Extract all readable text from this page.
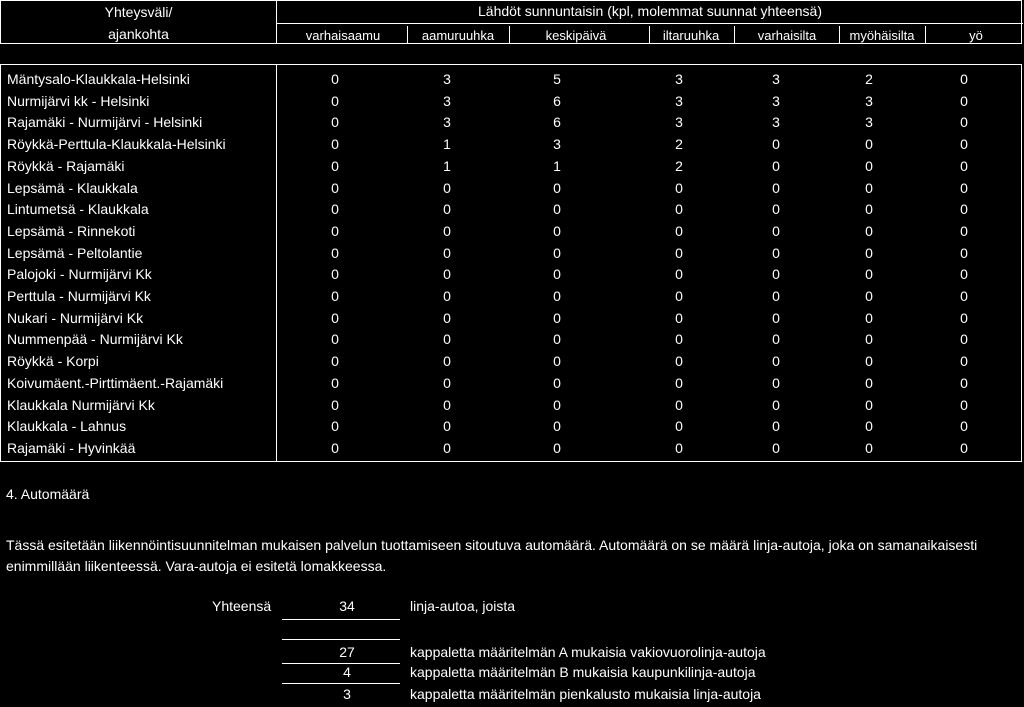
Yhteysväli/
ajankohta
Lähdöt sunnuntaisin (kpl, molemmat suunnat yhteensä)
varhaisaamu	aamuruuhka	keskipäivä	iltaruuhka	varhaisilta	myöhäisilta	yö
Mäntysalo-Klaukkala-Helsinki	0	3	5	3	3	2	0
Nurmijärvi kk - Helsinki	0	3	6	3	3	3	0
Rajamäki - Nurmijärvi - Helsinki	0	3	6	3	3	3	0
Röykkä-Perttula-Klaukkala-Helsinki	0	1	3	2	0	0	0
Röykkä - Rajamäki	0	1	1	2	0	0	0
Lepsämä - Klaukkala	0	0	0	0	0	0	0
Lintumetsä - Klaukkala	0	0	0	0	0	0	0
Lepsämä - Rinnekoti	0	0	0	0	0	0	0
Lepsämä - Peltolantie	0	0	0	0	0	0	0
Palojoki - Nurmijärvi Kk	0	0	0	0	0	0	0
Perttula - Nurmijärvi Kk	0	0	0	0	0	0	0
Nukari - Nurmijärvi Kk	0	0	0	0	0	0	0
Nummenpää - Nurmijärvi Kk	0	0	0	0	0	0	0
Röykkä - Korpi	0	0	0	0	0	0	0
Koivumäent.-Pirttimäent.-Rajamäki	0	0	0	0	0	0	0
Klaukkala Nurmijärvi Kk	0	0	0	0	0	0	0
Klaukkala - Lahnus	0	0	0	0	0	0	0
Rajamäki - Hyvinkää	0	0	0	0	0	0	0
4. Automäärä
Tässä esitetään liikennöintisuunnitelman mukaisen palvelun tuottamiseen sitoutuva automäärä. Automäärä on se määrä linja-autoja, joka on samanaikaisesti enimmillään liikenteessä. Vara-autoja ei esitetä lomakkeessa.
Yhteensä	34	linja-autoa, joista
27	kappaletta määritelmän A mukaisia vakiovuorolinja-autoja
4	kappaletta määritelmän B mukaisia kaupunkilinja-autoja
3	kappaletta määritelmän pienkalusto mukaisia linja-autoja
